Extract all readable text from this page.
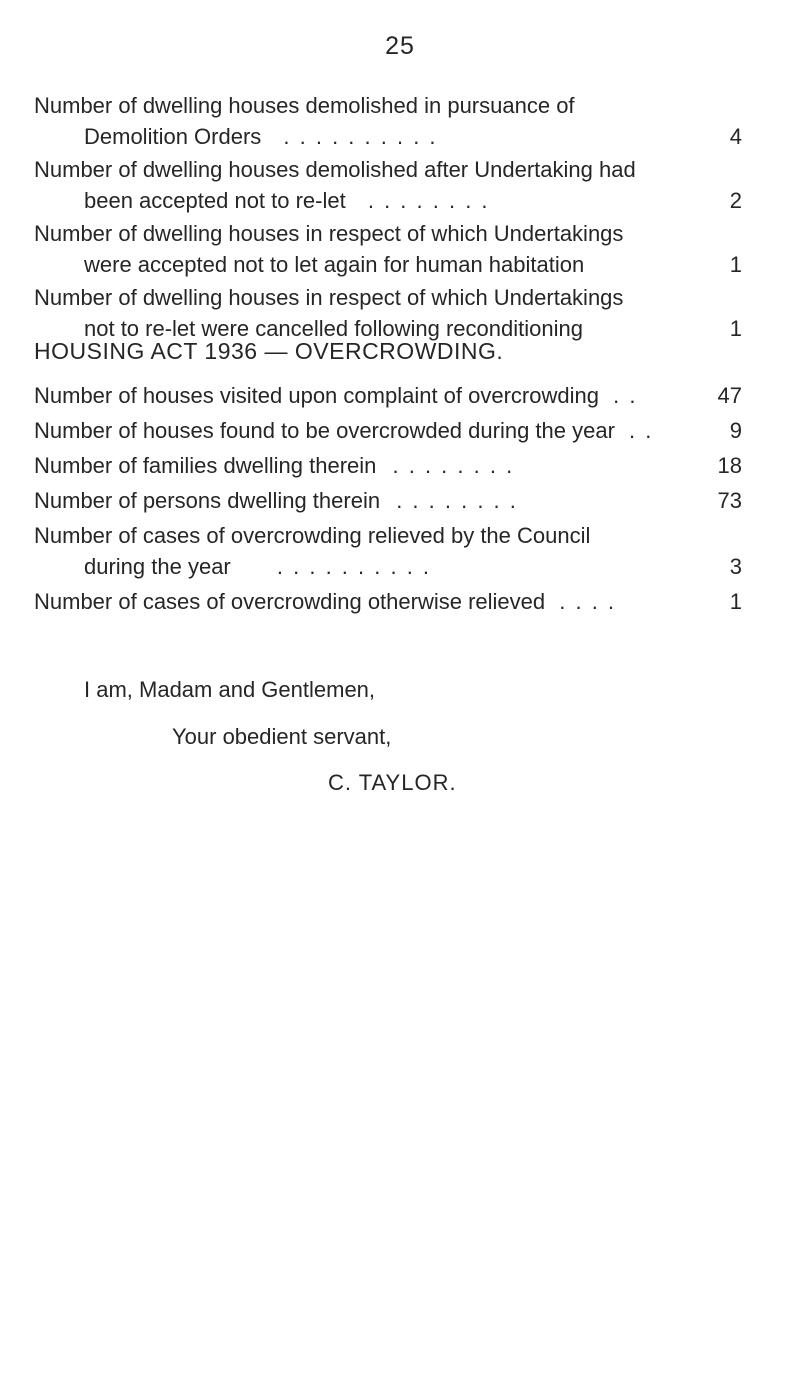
25
Number of dwelling houses demolished in pursuance of
Demolition Orders . . . . . . . . . .	4
Number of dwelling houses demolished after Undertaking had
been accepted not to re-let . . . . . . . .	2
Number of dwelling houses in respect of which Undertakings
were accepted not to let again for human habitation	1
Number of dwelling houses in respect of which Undertakings
not to re-let were cancelled following reconditioning	1
HOUSING ACT 1936 — OVERCROWDING.
Number of houses visited upon complaint of overcrowding . .	47
Number of houses found to be overcrowded during the year . .	9
Number of families dwelling therein . . . . . . . .	18
Number of persons dwelling therein . . . . . . . .	73
Number of cases of overcrowding relieved by the Council
during the year . . . . . . . . . .	3
Number of cases of overcrowding otherwise relieved . . . .	1
I am, Madam and Gentlemen,
Your obedient servant,
C. TAYLOR.
